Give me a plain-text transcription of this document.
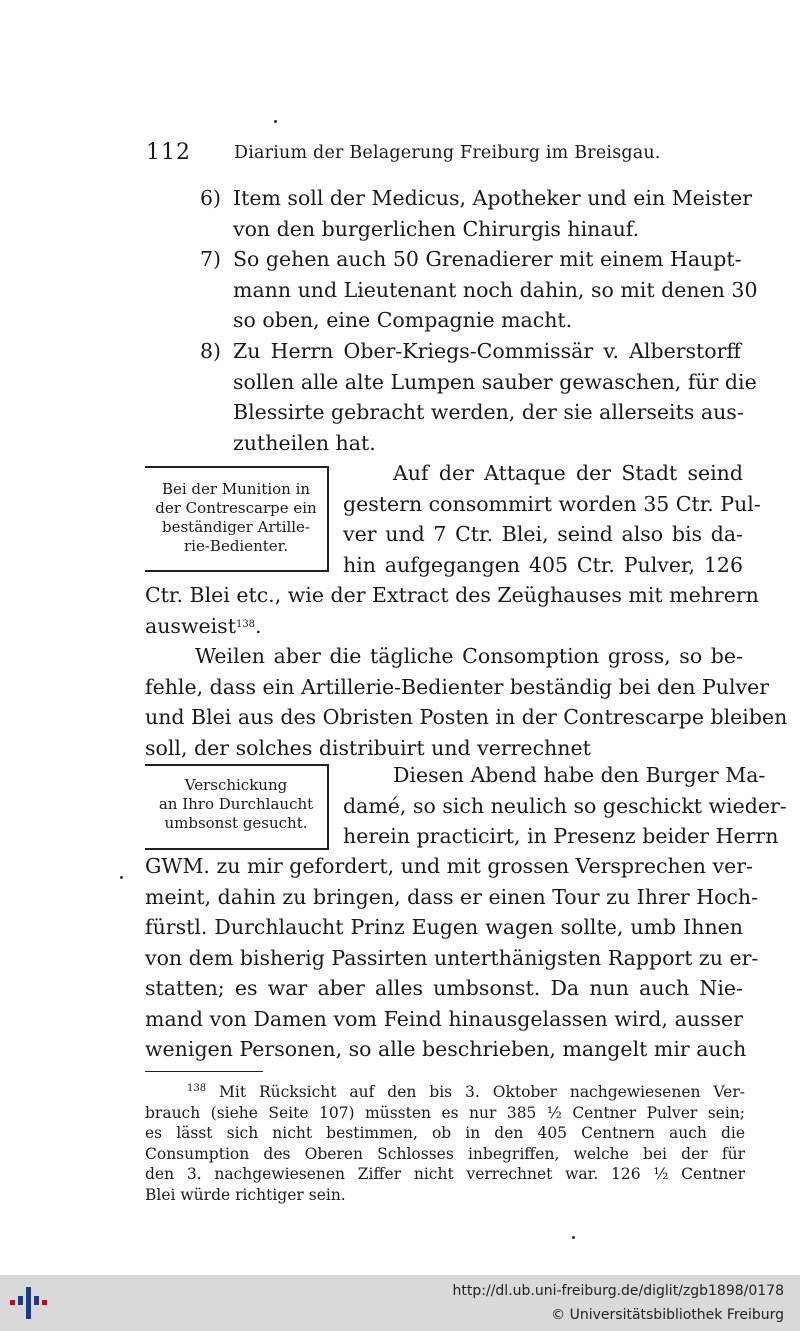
112 Diarium der Belagerung Freiburg im Breisgau.
6) Item soll der Medicus, Apotheker und ein Meister
von den burgerlichen Chirurgis hinauf.
7) So gehen auch 50 Grenadierer mit einem Haupt-
mann und Lieutenant noch dahin, so mit denen 30
so oben, eine Compagnie macht.
8) Zu Herrn Ober-Kriegs-Commissär v. Alberstorff
sollen alle alte Lumpen sauber gewaschen, für die
Blessirte gebracht werden, der sie allerseits aus-
zutheilen hat.
Bei der Munition in
der Contrescarpe ein
beständiger Artille-
rie-Bedienter.
Auf der Attaque der Stadt seind
gestern consommirt worden 35 Ctr. Pul-
ver und 7 Ctr. Blei, seind also bis da-
hin aufgegangen 405 Ctr. Pulver, 126
Ctr. Blei etc., wie der Extract des Zeüghauses mit mehrern
ausweist$^{138}$.
Weilen aber die tägliche Consomption gross, so be-
fehle, dass ein Artillerie-Bedienter beständig bei den Pulver
und Blei aus des Obristen Posten in der Contrescarpe bleiben
soll, der solches distribuirt und verrechnet
Verschickung
an Ihro Durchlaucht
umbsonst gesucht.
Diesen Abend habe den Burger Ma-
damé, so sich neulich so geschickt wieder-
herein practicirt, in Presenz beider Herrn
GWM. zu mir gefordert, und mit grossen Versprechen ver-
meint, dahin zu bringen, dass er einen Tour zu Ihrer Hoch-
fürstl. Durchlaucht Prinz Eugen wagen sollte, umb Ihnen
von dem bisherig Passirten unterthänigsten Rapport zu er-
statten; es war aber alles umbsonst. Da nun auch Nie-
mand von Damen vom Feind hinausgelassen wird, ausser
wenigen Personen, so alle beschrieben, mangelt mir auch
$^{138}$ Mit Rücksicht auf den bis 3. Oktober nachgewiesenen Ver-
brauch (siehe Seite 107) müssten es nur 385 ½ Centner Pulver sein;
es lässt sich nicht bestimmen, ob in den 405 Centnern auch die
Consumption des Oberen Schlosses inbegriffen, welche bei der für
den 3. nachgewiesenen Ziffer nicht verrechnet war. 126 ½ Centner
Blei würde richtiger sein.
http://dl.ub.uni-freiburg.de/diglit/zgb1898/0178
© Universitätsbibliothek Freiburg
